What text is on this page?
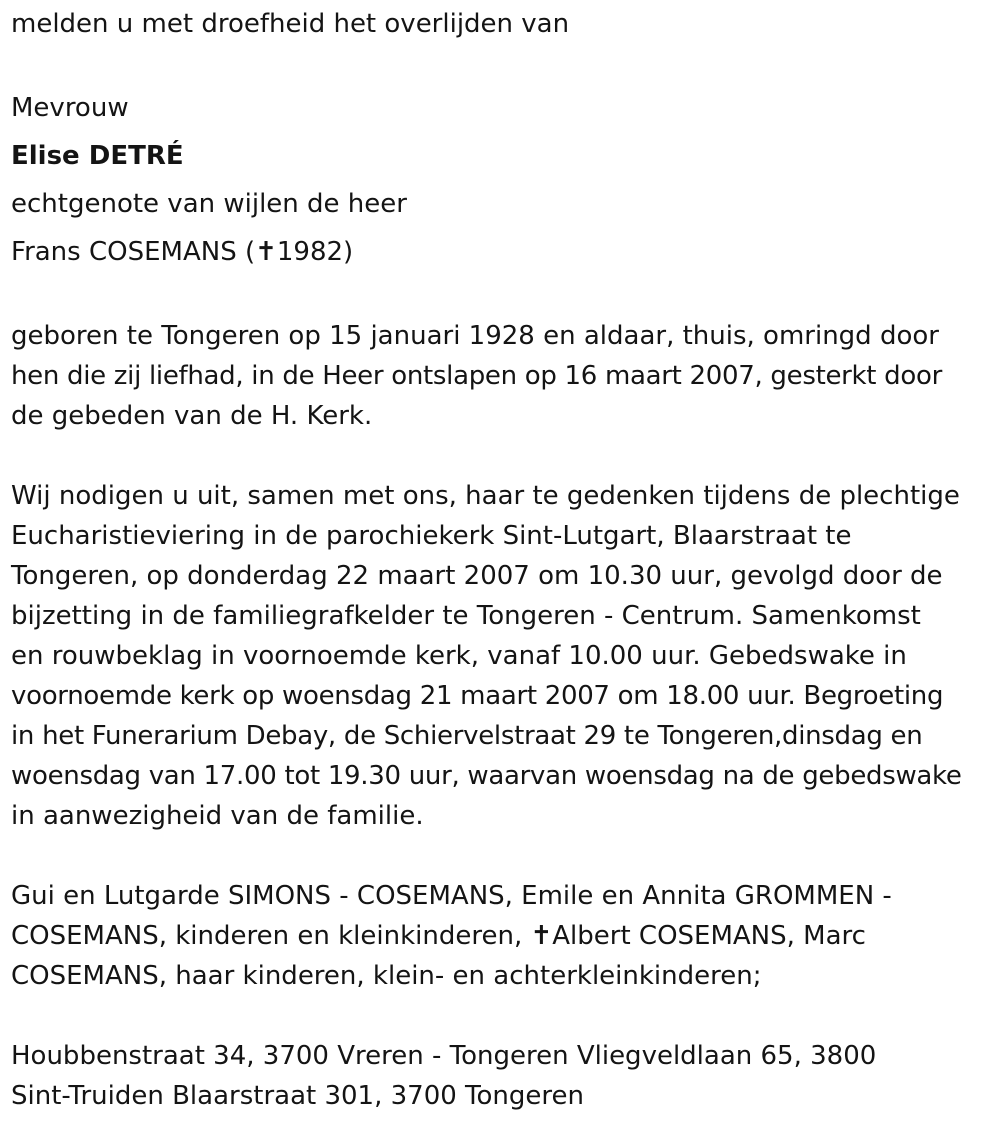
melden u met droefheid het overlijden van

Mevrouw

Elise DETRÉ

echtgenote van wijlen de heer

Frans COSEMANS (✝1982)

geboren te Tongeren op 15 januari 1928 en aldaar, thuis, omringd door

hen die zij liefhad, in de Heer ontslapen op 16 maart 2007, gesterkt door

de gebeden van de H. Kerk.

Wij nodigen u uit, samen met ons, haar te gedenken tijdens de plechtige

Eucharistieviering in de parochiekerk Sint-Lutgart, Blaarstraat te

Tongeren, op donderdag 22 maart 2007 om 10.30 uur, gevolgd door de

bijzetting in de familiegrafkelder te Tongeren - Centrum. Samenkomst

en rouwbeklag in voornoemde kerk, vanaf 10.00 uur. Gebedswake in

voornoemde kerk op woensdag 21 maart 2007 om 18.00 uur. Begroeting

in het Funerarium Debay, de Schiervelstraat 29 te Tongeren,dinsdag en

woensdag van 17.00 tot 19.30 uur, waarvan woensdag na de gebedswake

in aanwezigheid van de familie.

Gui en Lutgarde SIMONS - COSEMANS, Emile en Annita GROMMEN -

COSEMANS, kinderen en kleinkinderen, ✝Albert COSEMANS, Marc

COSEMANS, haar kinderen, klein- en achterkleinkinderen;

Houbbenstraat 34, 3700 Vreren - Tongeren Vliegveldlaan 65, 3800

Sint-Truiden Blaarstraat 301, 3700 Tongeren
